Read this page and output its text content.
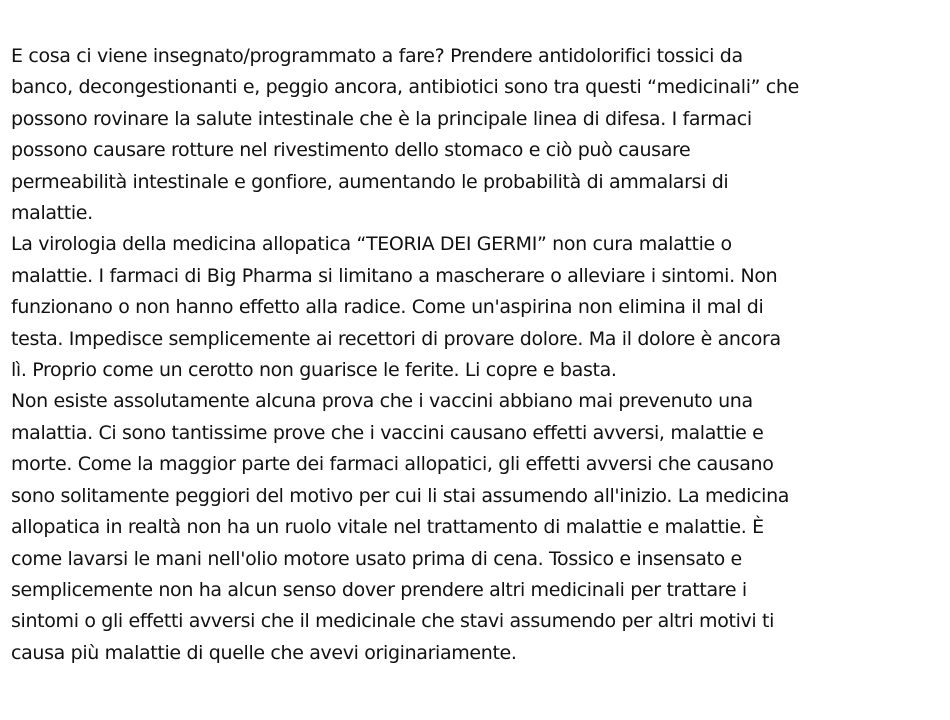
E cosa ci viene insegnato/programmato a fare? Prendere antidolorifici tossici da
banco, decongestionanti e, peggio ancora, antibiotici sono tra questi “medicinali” che
possono rovinare la salute intestinale che è la principale linea di difesa. I farmaci
possono causare rotture nel rivestimento dello stomaco e ciò può causare
permeabilità intestinale e gonfiore, aumentando le probabilità di ammalarsi di
malattie.
La virologia della medicina allopatica “TEORIA DEI GERMI” non cura malattie o
malattie. I farmaci di Big Pharma si limitano a mascherare o alleviare i sintomi. Non
funzionano o non hanno effetto alla radice. Come un'aspirina non elimina il mal di
testa. Impedisce semplicemente ai recettori di provare dolore. Ma il dolore è ancora
lì. Proprio come un cerotto non guarisce le ferite. Li copre e basta.
Non esiste assolutamente alcuna prova che i vaccini abbiano mai prevenuto una
malattia. Ci sono tantissime prove che i vaccini causano effetti avversi, malattie e
morte. Come la maggior parte dei farmaci allopatici, gli effetti avversi che causano
sono solitamente peggiori del motivo per cui li stai assumendo all'inizio. La medicina
allopatica in realtà non ha un ruolo vitale nel trattamento di malattie e malattie. È
come lavarsi le mani nell'olio motore usato prima di cena. Tossico e insensato e
semplicemente non ha alcun senso dover prendere altri medicinali per trattare i
sintomi o gli effetti avversi che il medicinale che stavi assumendo per altri motivi ti
causa più malattie di quelle che avevi originariamente.
